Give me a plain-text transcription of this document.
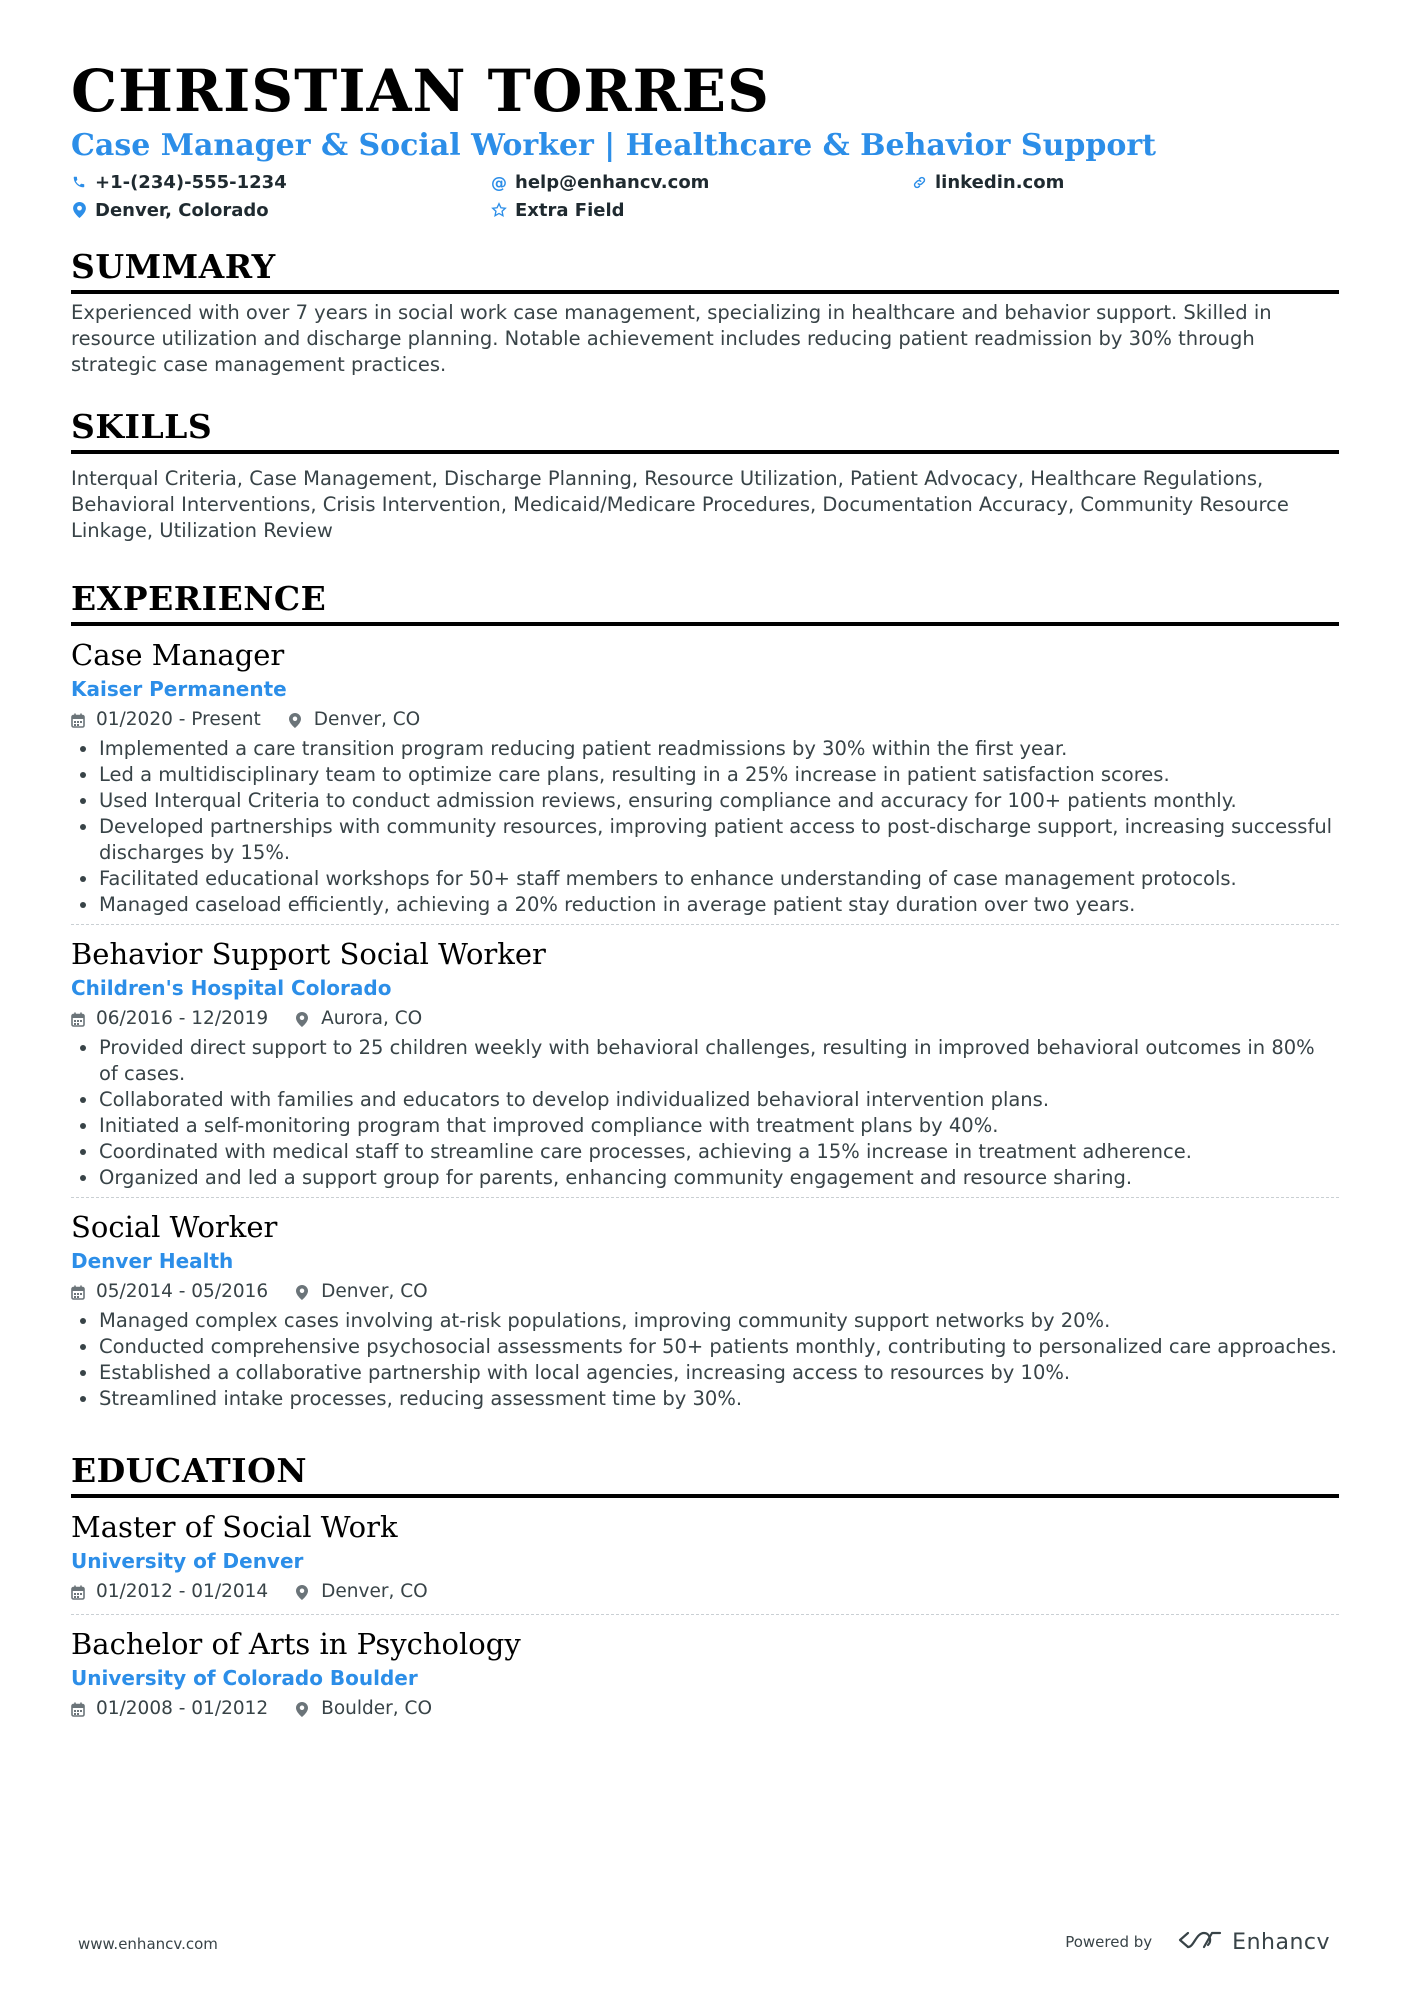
CHRISTIAN TORRES
Case Manager & Social Worker | Healthcare & Behavior Support
+1-(234)-555-1234	@ help@enhancv.com	linkedin.com
Denver, Colorado	Extra Field
SUMMARY

Experienced with over 7 years in social work case management, specializing in healthcare and behavior support. Skilled in resource utilization and discharge planning. Notable achievement includes reducing patient readmission by 30% through strategic case management practices.

SKILLS

Interqual Criteria, Case Management, Discharge Planning, Resource Utilization, Patient Advocacy, Healthcare Regulations, Behavioral Interventions, Crisis Intervention, Medicaid/Medicare Procedures, Documentation Accuracy, Community Resource Linkage, Utilization Review

EXPERIENCE
Case Manager
Kaiser Permanente
01/2020 - Present	Denver, CO
• Implemented a care transition program reducing patient readmissions by 30% within the first year.
• Led a multidisciplinary team to optimize care plans, resulting in a 25% increase in patient satisfaction scores.
• Used Interqual Criteria to conduct admission reviews, ensuring compliance and accuracy for 100+ patients monthly.
• Developed partnerships with community resources, improving patient access to post-discharge support, increasing successful discharges by 15%.
• Facilitated educational workshops for 50+ staff members to enhance understanding of case management protocols.
• Managed caseload efficiently, achieving a 20% reduction in average patient stay duration over two years.
Behavior Support Social Worker
Children's Hospital Colorado
06/2016 - 12/2019	Aurora, CO
• Provided direct support to 25 children weekly with behavioral challenges, resulting in improved behavioral outcomes in 80% of cases.
• Collaborated with families and educators to develop individualized behavioral intervention plans.
• Initiated a self-monitoring program that improved compliance with treatment plans by 40%.
• Coordinated with medical staff to streamline care processes, achieving a 15% increase in treatment adherence.
• Organized and led a support group for parents, enhancing community engagement and resource sharing.
Social Worker
Denver Health
05/2014 - 05/2016	Denver, CO
• Managed complex cases involving at-risk populations, improving community support networks by 20%.
• Conducted comprehensive psychosocial assessments for 50+ patients monthly, contributing to personalized care approaches.
• Established a collaborative partnership with local agencies, increasing access to resources by 10%.
• Streamlined intake processes, reducing assessment time by 30%.
EDUCATION
Master of Social Work
University of Denver
01/2012 - 01/2014	Denver, CO
Bachelor of Arts in Psychology
University of Colorado Boulder
01/2008 - 01/2012	Boulder, CO
www.enhancv.com	Powered by	Enhancv
